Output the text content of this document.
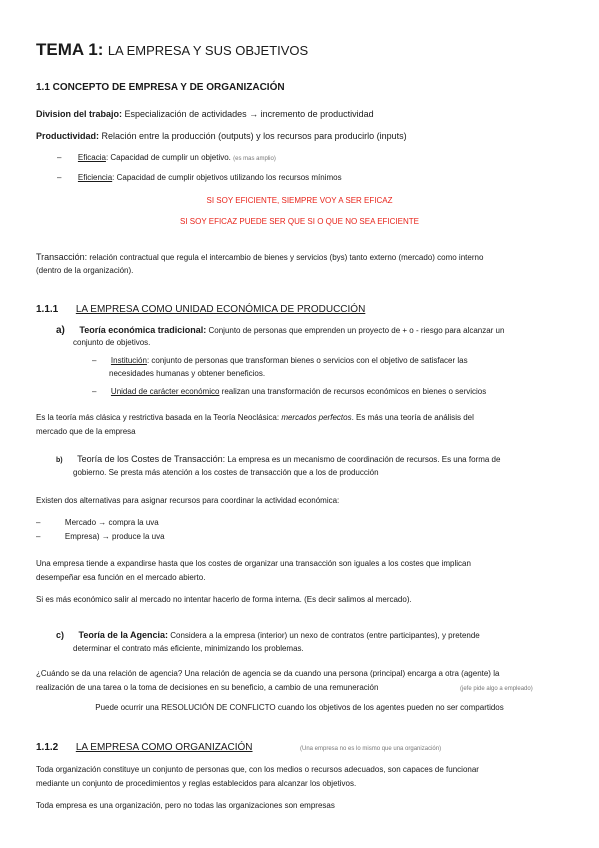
TEMA 1: LA EMPRESA Y SUS OBJETIVOS
1.1 CONCEPTO DE EMPRESA Y DE ORGANIZACIÓN
Division del trabajo: Especialización de actividades → incremento de productividad
Productividad: Relación entre la producción (outputs) y los recursos para producirlo (inputs)
– Eficacia: Capacidad de cumplir un objetivo. (es mas amplio)
– Eficiencia: Capacidad de cumplir objetivos utilizando los recursos mínimos
SI SOY EFICIENTE, SIEMPRE VOY A SER EFICAZ
SI SOY EFICAZ PUEDE SER QUE SI O QUE NO SEA EFICIENTE
Transacción: relación contractual que regula el intercambio de bienes y servicios (bys) tanto externo (mercado) como interno
(dentro de la organización).
1.1.1 LA EMPRESA COMO UNIDAD ECONÓMICA DE PRODUCCIÓN
a) Teoría económica tradicional: Conjunto de personas que emprenden un proyecto de + o - riesgo para alcanzar un
conjunto de objetivos.
– Institución: conjunto de personas que transforman bienes o servicios con el objetivo de satisfacer las
necesidades humanas y obtener beneficios.
– Unidad de carácter económico realizan una transformación de recursos económicos en bienes o servicios
Es la teoría más clásica y restrictiva basada en la Teoría Neoclásica: mercados perfectos. Es más una teoría de análisis del
mercado que de la empresa
b) Teoría de los Costes de Transacción: La empresa es un mecanismo de coordinación de recursos. Es una forma de
gobierno. Se presta más atención a los costes de transacción que a los de producción
Existen dos alternativas para asignar recursos para coordinar la actividad económica:
–	Mercado → compra la uva
–	Empresa) → produce la uva
Una empresa tiende a expandirse hasta que los costes de organizar una transacción son iguales a los costes que implican
desempeñar esa función en el mercado abierto.
Si es más económico salir al mercado no intentar hacerlo de forma interna. (Es decir salimos al mercado).
c) Teoría de la Agencia: Considera a la empresa (interior) un nexo de contratos (entre participantes), y pretende
determinar el contrato más eficiente, minimizando los problemas.
¿Cuándo se da una relación de agencia? Una relación de agencia se da cuando una persona (principal) encarga a otra (agente) la
realización de una tarea o la toma de decisiones en su beneficio, a cambio de una remuneración	(jefe pide algo a empleado)
Puede ocurrir una RESOLUCIÓN DE CONFLICTO cuando los objetivos de los agentes pueden no ser compartidos
1.1.2 LA EMPRESA COMO ORGANIZACIÓN	(Una empresa no es lo mismo que una organización)
Toda organización constituye un conjunto de personas que, con los medios o recursos adecuados, son capaces de funcionar
mediante un conjunto de procedimientos y reglas establecidos para alcanzar los objetivos.
Toda empresa es una organización, pero no todas las organizaciones son empresas
